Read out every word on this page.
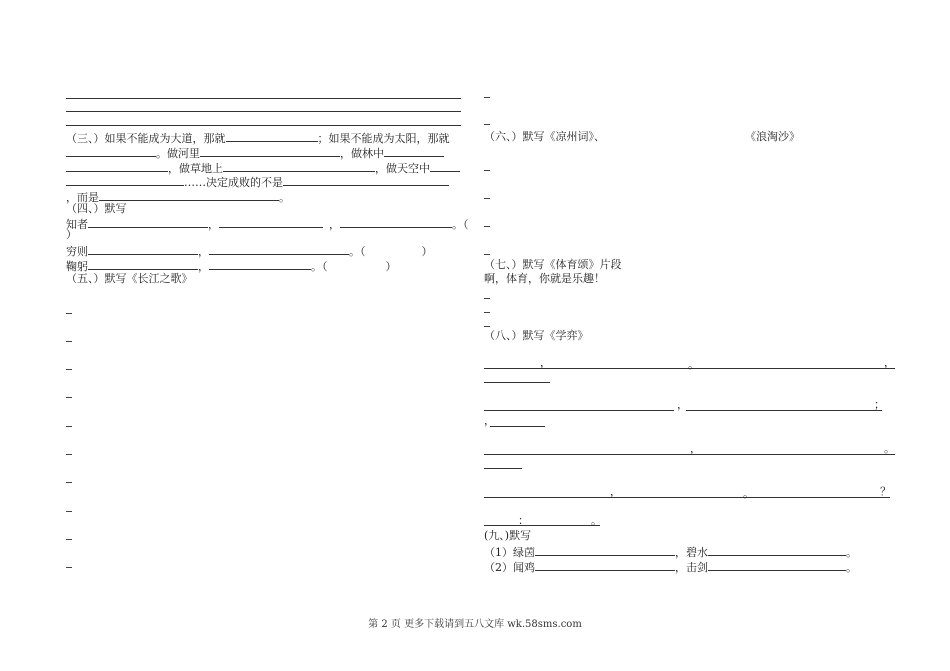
（三、）如果不能成为大道，那就	；如果不能成为太阳，那就
。做河里	，做林中
，做草地上	，做天空中
……决定成败的不是
，而是	。
（四、）默写
知者	，	，	。（
）
穷则	，	。（	）
鞠躬	，	。（	）
（五、）默写《长江之歌》
（六、）默写《凉州词》、	《浪淘沙》
（七、）默写《体育颂》片段
啊，体育，你就是乐趣！
（八、）默写《学弈》
，	。	，
，	；
，
，	。
，	。	？
：	。
(九、)默写
（1）绿茵	，碧水	。
（2）闻鸡	，击剑	。
第 2 页 更多下载请到五八文库 wk.58sms.com
